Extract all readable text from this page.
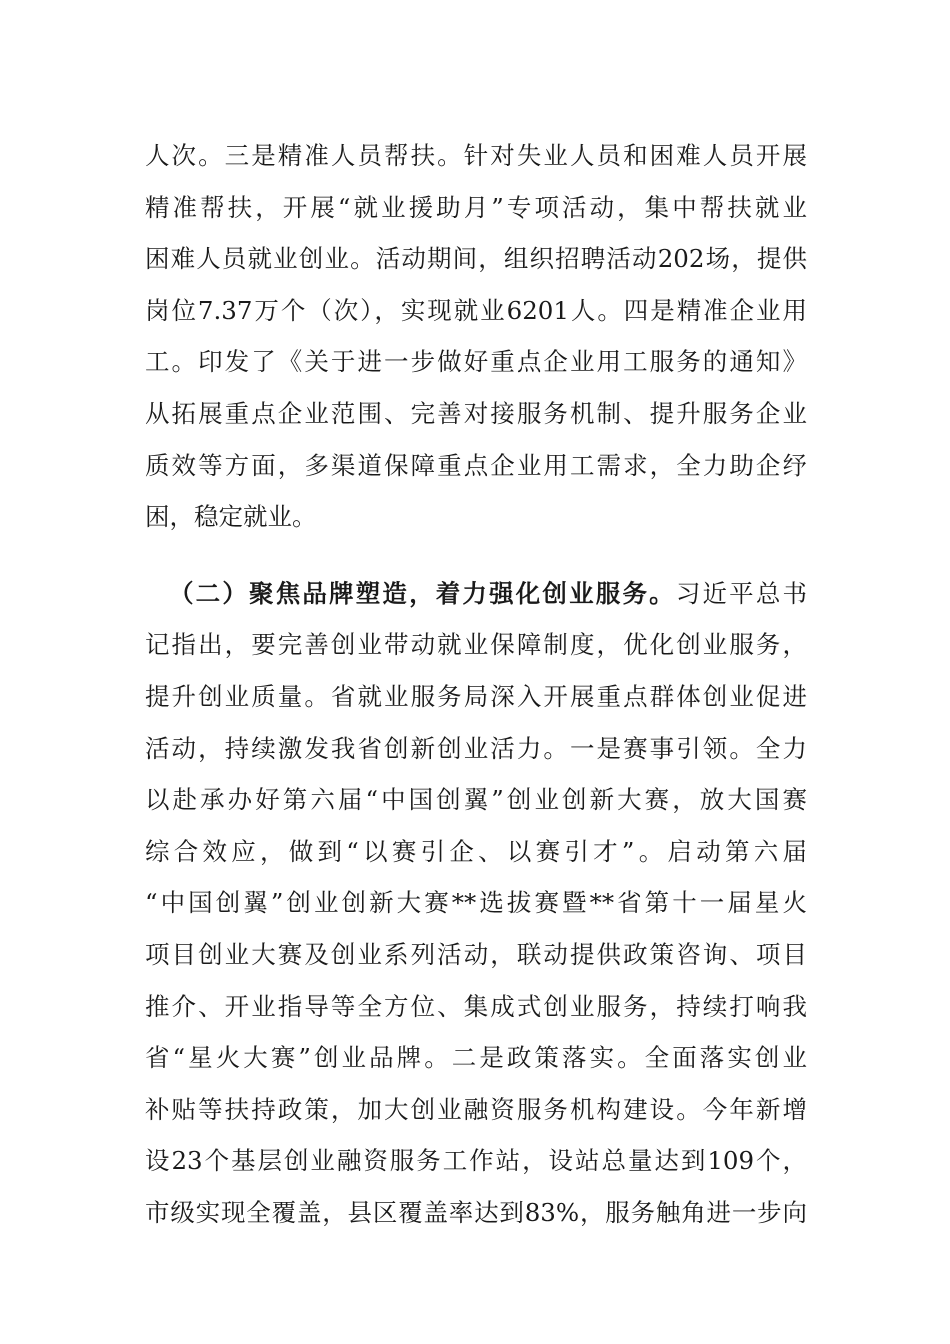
人次。三是精准人员帮扶。针对失业人员和困难人员开展
精准帮扶，开展“就业援助月”专项活动，集中帮扶就业
困难人员就业创业。活动期间，组织招聘活动202场，提供
岗位7.37万个（次），实现就业6201人。四是精准企业用
工。印发了《关于进一步做好重点企业用工服务的通知》
从拓展重点企业范围、完善对接服务机制、提升服务企业
质效等方面，多渠道保障重点企业用工需求，全力助企纾
困，稳定就业。
（二）聚焦品牌塑造，着力强化创业服务。习近平总书
记指出，要完善创业带动就业保障制度，优化创业服务，
提升创业质量。省就业服务局深入开展重点群体创业促进
活动，持续激发我省创新创业活力。一是赛事引领。全力
以赴承办好第六届“中国创翼”创业创新大赛，放大国赛
综合效应，做到“以赛引企、以赛引才”。启动第六届
“中国创翼”创业创新大赛**选拔赛暨**省第十一届星火
项目创业大赛及创业系列活动，联动提供政策咨询、项目
推介、开业指导等全方位、集成式创业服务，持续打响我
省“星火大赛”创业品牌。二是政策落实。全面落实创业
补贴等扶持政策，加大创业融资服务机构建设。今年新增
设23个基层创业融资服务工作站，设站总量达到109个，
市级实现全覆盖，县区覆盖率达到83%，服务触角进一步向
